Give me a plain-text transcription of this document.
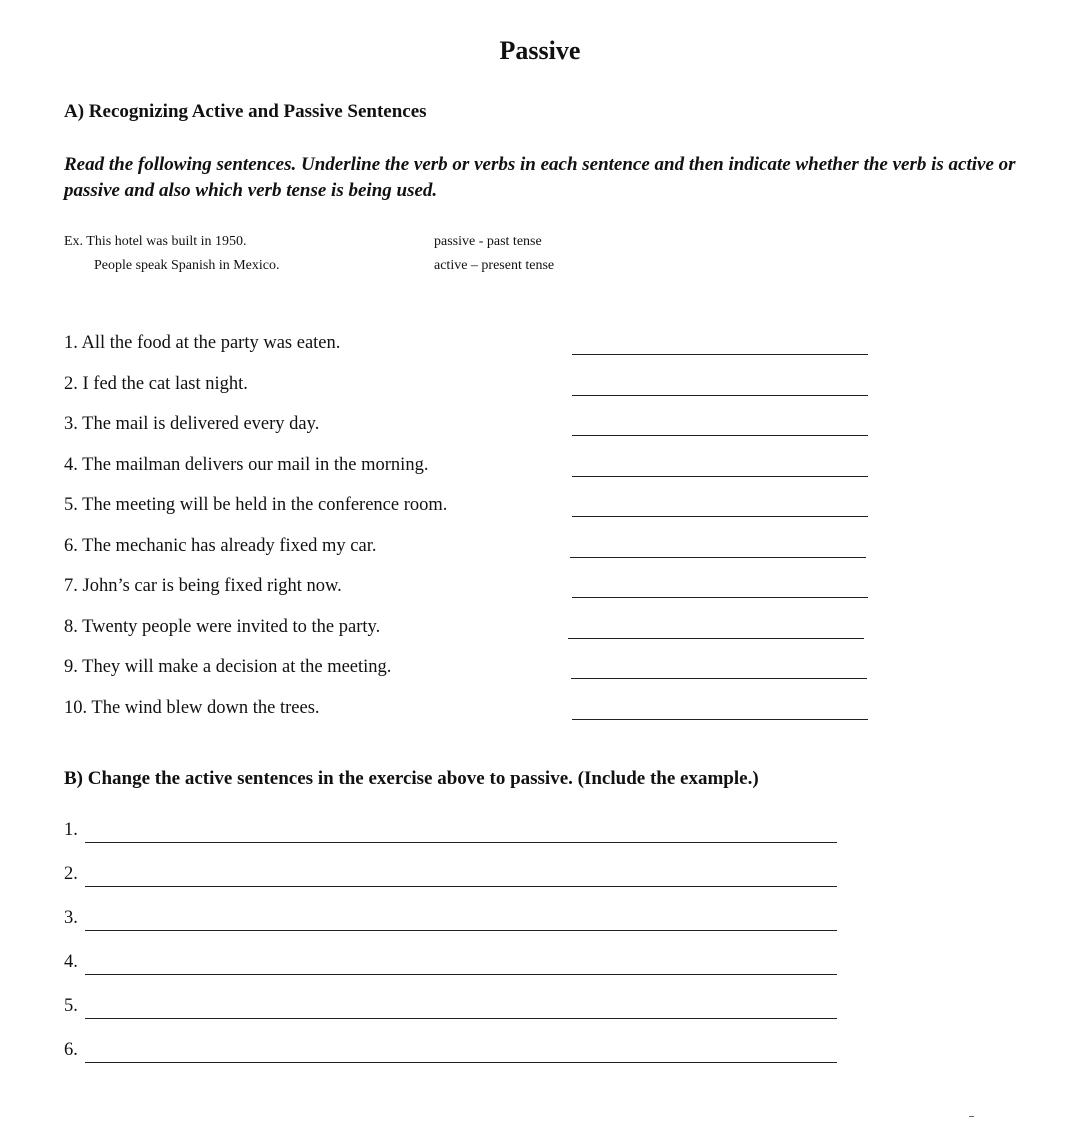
Passive
A) Recognizing Active and Passive Sentences
Read the following sentences. Underline the verb or verbs in each sentence and then indicate whether the verb is active or passive and also which verb tense is being used.
Ex. This hotel was built in 1950.	passive - past tense
People speak Spanish in Mexico.	active – present tense
1. All the food at the party was eaten.
2. I fed the cat last night.
3. The mail is delivered every day.
4. The mailman delivers our mail in the morning.
5. The meeting will be held in the conference room.
6. The mechanic has already fixed my car.
7. John’s car is being fixed right now.
8. Twenty people were invited to the party.
9. They will make a decision at the meeting.
10. The wind blew down the trees.
B) Change the active sentences in the exercise above to passive. (Include the example.)
1.
2.
3.
4.
5.
6.
